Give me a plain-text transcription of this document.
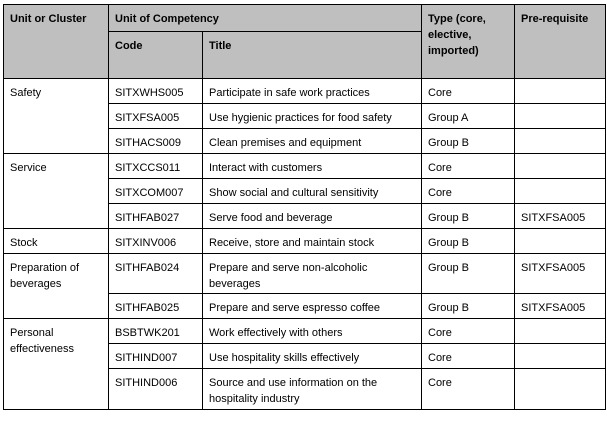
Unit or Cluster	Unit of Competency		Type (core, elective, imported)	Pre-requisite
	Code	Title		
Safety	SITXWHS005	Participate in safe work practices	Core	
	SITXFSA005	Use hygienic practices for food safety	Group A	
	SITHACS009	Clean premises and equipment	Group B	
Service	SITXCCS011	Interact with customers	Core	
	SITXCOM007	Show social and cultural sensitivity	Core	
	SITHFAB027	Serve food and beverage	Group B	SITXFSA005
Stock	SITXINV006	Receive, store and maintain stock	Group B	
Preparation of beverages	SITHFAB024	Prepare and serve non-alcoholic beverages	Group B	SITXFSA005
	SITHFAB025	Prepare and serve espresso coffee	Group B	SITXFSA005
Personal effectiveness	BSBTWK201	Work effectively with others	Core	
	SITHIND007	Use hospitality skills effectively	Core	
	SITHIND006	Source and use information on the hospitality industry	Core	
